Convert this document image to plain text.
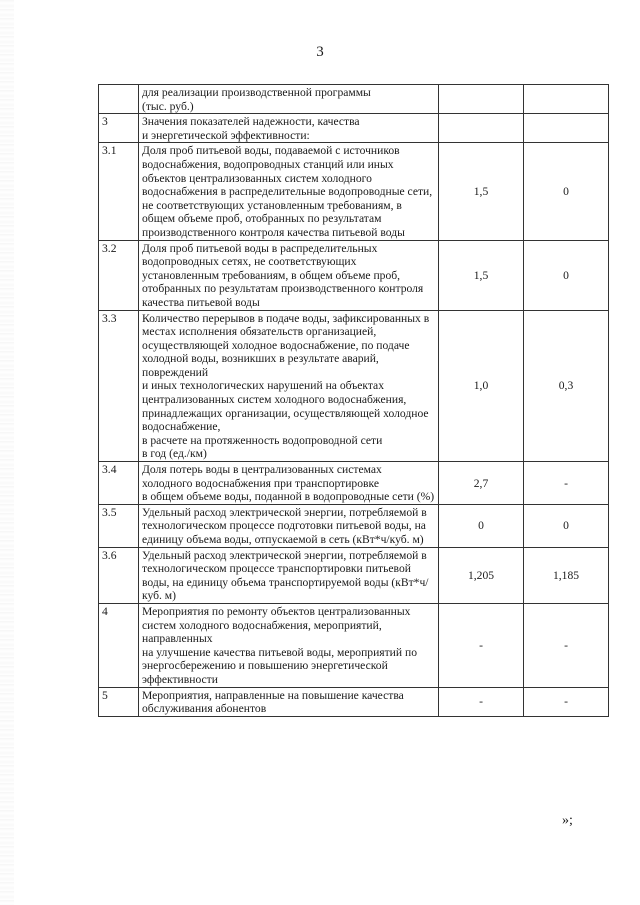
3
	для реализации производственной программы
(тыс. руб.)		
3	Значения показателей надежности, качества
и энергетической эффективности:		
3.1	Доля проб питьевой воды, подаваемой с источников водоснабжения, водопроводных станций или иных объектов централизованных систем холодного водоснабжения в распределительные водопроводные сети, не соответствующих установленным требованиям, в общем объеме проб, отобранных по результатам производственного контроля качества питьевой воды	1,5	0
3.2	Доля проб питьевой воды в распределительных водопроводных сетях, не соответствующих установленным требованиям, в общем объеме проб, отобранных по результатам производственного контроля качества питьевой воды	1,5	0
3.3	Количество перерывов в подаче воды, зафиксированных в местах исполнения обязательств организацией, осуществляющей холодное водоснабжение, по подаче холодной воды, возникших в результате аварий, повреждений
и иных технологических нарушений на объектах централизованных систем холодного водоснабжения, принадлежащих организации, осуществляющей холодное водоснабжение,
в расчете на протяженность водопроводной сети
в год (ед./км)	1,0	0,3
3.4	Доля потерь воды в централизованных системах холодного водоснабжения при транспортировке
в общем объеме воды, поданной в водопроводные сети (%)	2,7	-
3.5	Удельный расход электрической энергии, потребляемой в технологическом процессе подготовки питьевой воды, на единицу объема воды, отпускаемой в сеть (кВт*ч/куб. м)	0	0
3.6	Удельный расход электрической энергии, потребляемой в технологическом процессе транспортировки питьевой воды, на единицу объема транспортируемой воды (кВт*ч/куб. м)	1,205	1,185
4	Мероприятия по ремонту объектов централизованных систем холодного водоснабжения, мероприятий, направленных
на улучшение качества питьевой воды, мероприятий по энергосбережению и повышению энергетической эффективности	-	-
5	Мероприятия, направленные на повышение качества обслуживания абонентов	-	-
»;
